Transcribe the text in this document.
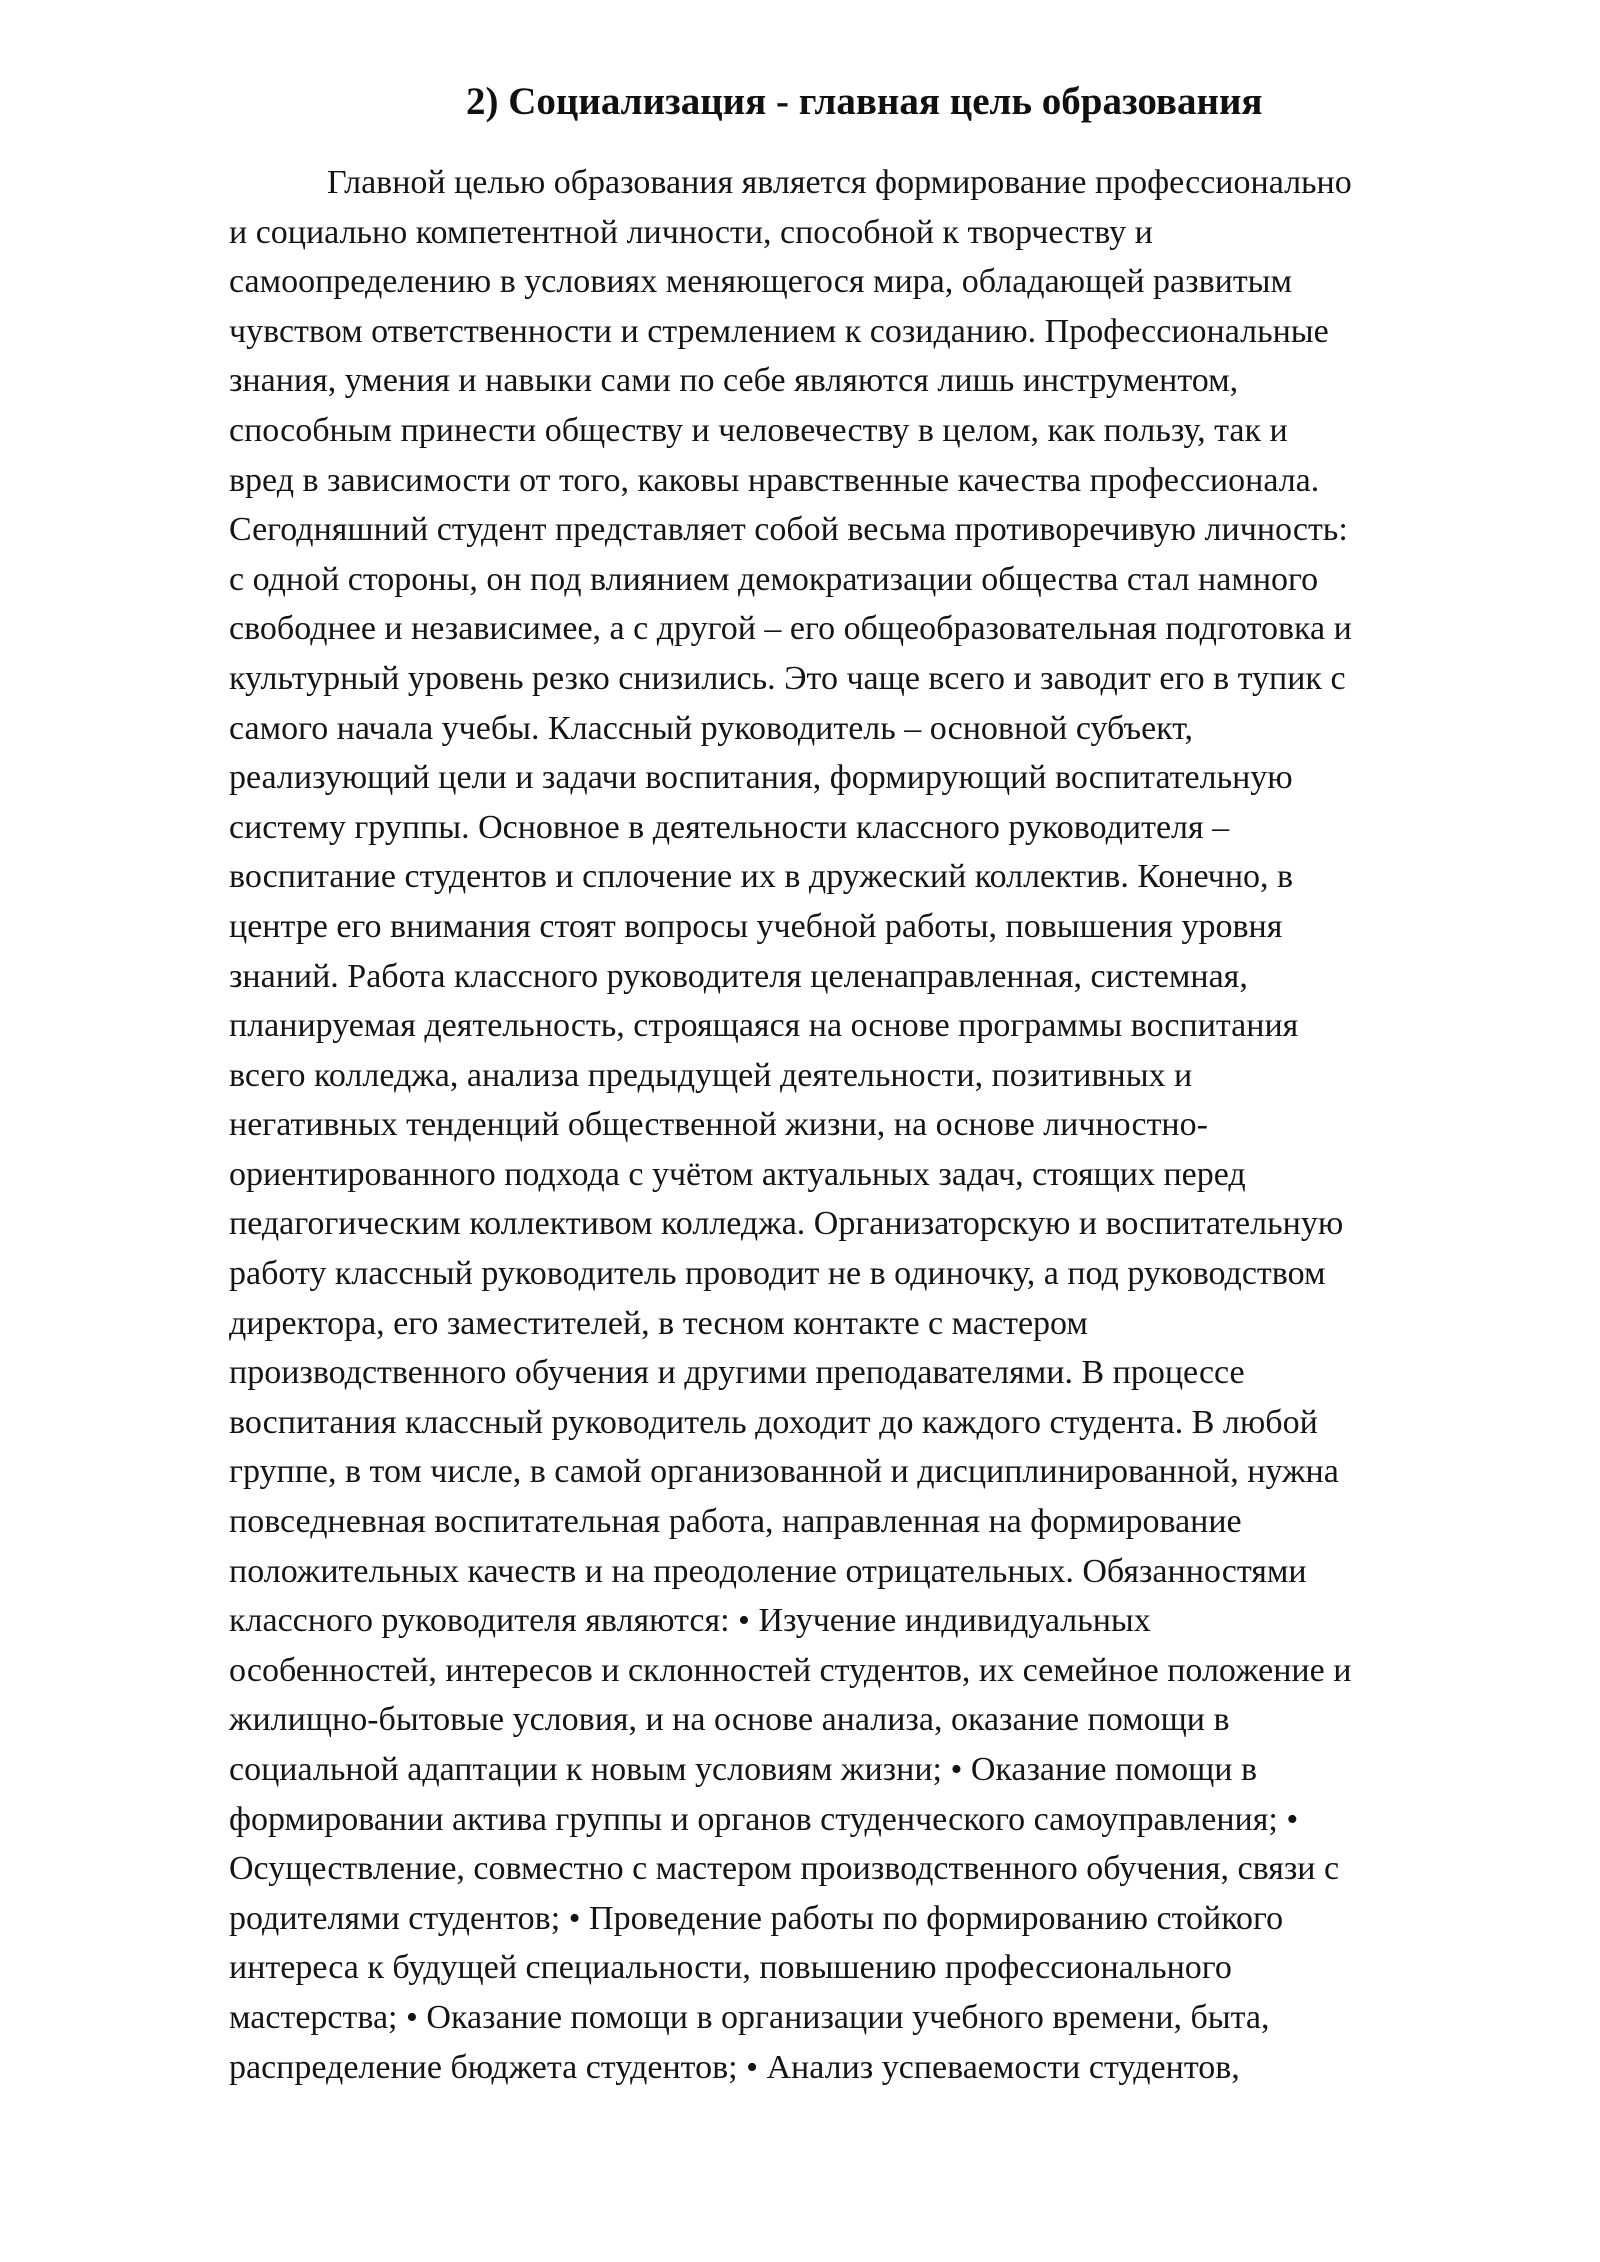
2) Социализация - главная цель образования
Главной целью образования является формирование профессионально
и социально компетентной личности, способной к творчеству и
самоопределению в условиях меняющегося мира, обладающей развитым
чувством ответственности и стремлением к созиданию. Профессиональные
знания, умения и навыки сами по себе являются лишь инструментом,
способным принести обществу и человечеству в целом, как пользу, так и
вред в зависимости от того, каковы нравственные качества профессионала.
Сегодняшний студент представляет собой весьма противоречивую личность:
с одной стороны, он под влиянием демократизации общества стал намного
свободнее и независимее, а с другой – его общеобразовательная подготовка и
культурный уровень резко снизились. Это чаще всего и заводит его в тупик с
самого начала учебы. Классный руководитель – основной субъект,
реализующий цели и задачи воспитания, формирующий воспитательную
систему группы. Основное в деятельности классного руководителя –
воспитание студентов и сплочение их в дружеский коллектив. Конечно, в
центре его внимания стоят вопросы учебной работы, повышения уровня
знаний. Работа классного руководителя целенаправленная, системная,
планируемая деятельность, строящаяся на основе программы воспитания
всего колледжа, анализа предыдущей деятельности, позитивных и
негативных тенденций общественной жизни, на основе личностно-
ориентированного подхода с учётом актуальных задач, стоящих перед
педагогическим коллективом колледжа. Организаторскую и воспитательную
работу классный руководитель проводит не в одиночку, а под руководством
директора, его заместителей, в тесном контакте с мастером
производственного обучения и другими преподавателями. В процессе
воспитания классный руководитель доходит до каждого студента. В любой
группе, в том числе, в самой организованной и дисциплинированной, нужна
повседневная воспитательная работа, направленная на формирование
положительных качеств и на преодоление отрицательных. Обязанностями
классного руководителя являются: • Изучение индивидуальных
особенностей, интересов и склонностей студентов, их семейное положение и
жилищно-бытовые условия, и на основе анализа, оказание помощи в
социальной адаптации к новым условиям жизни; • Оказание помощи в
формировании актива группы и органов студенческого самоуправления; •
Осуществление, совместно с мастером производственного обучения, связи с
родителями студентов; • Проведение работы по формированию стойкого
интереса к будущей специальности, повышению профессионального
мастерства; • Оказание помощи в организации учебного времени, быта,
распределение бюджета студентов; • Анализ успеваемости студентов,
